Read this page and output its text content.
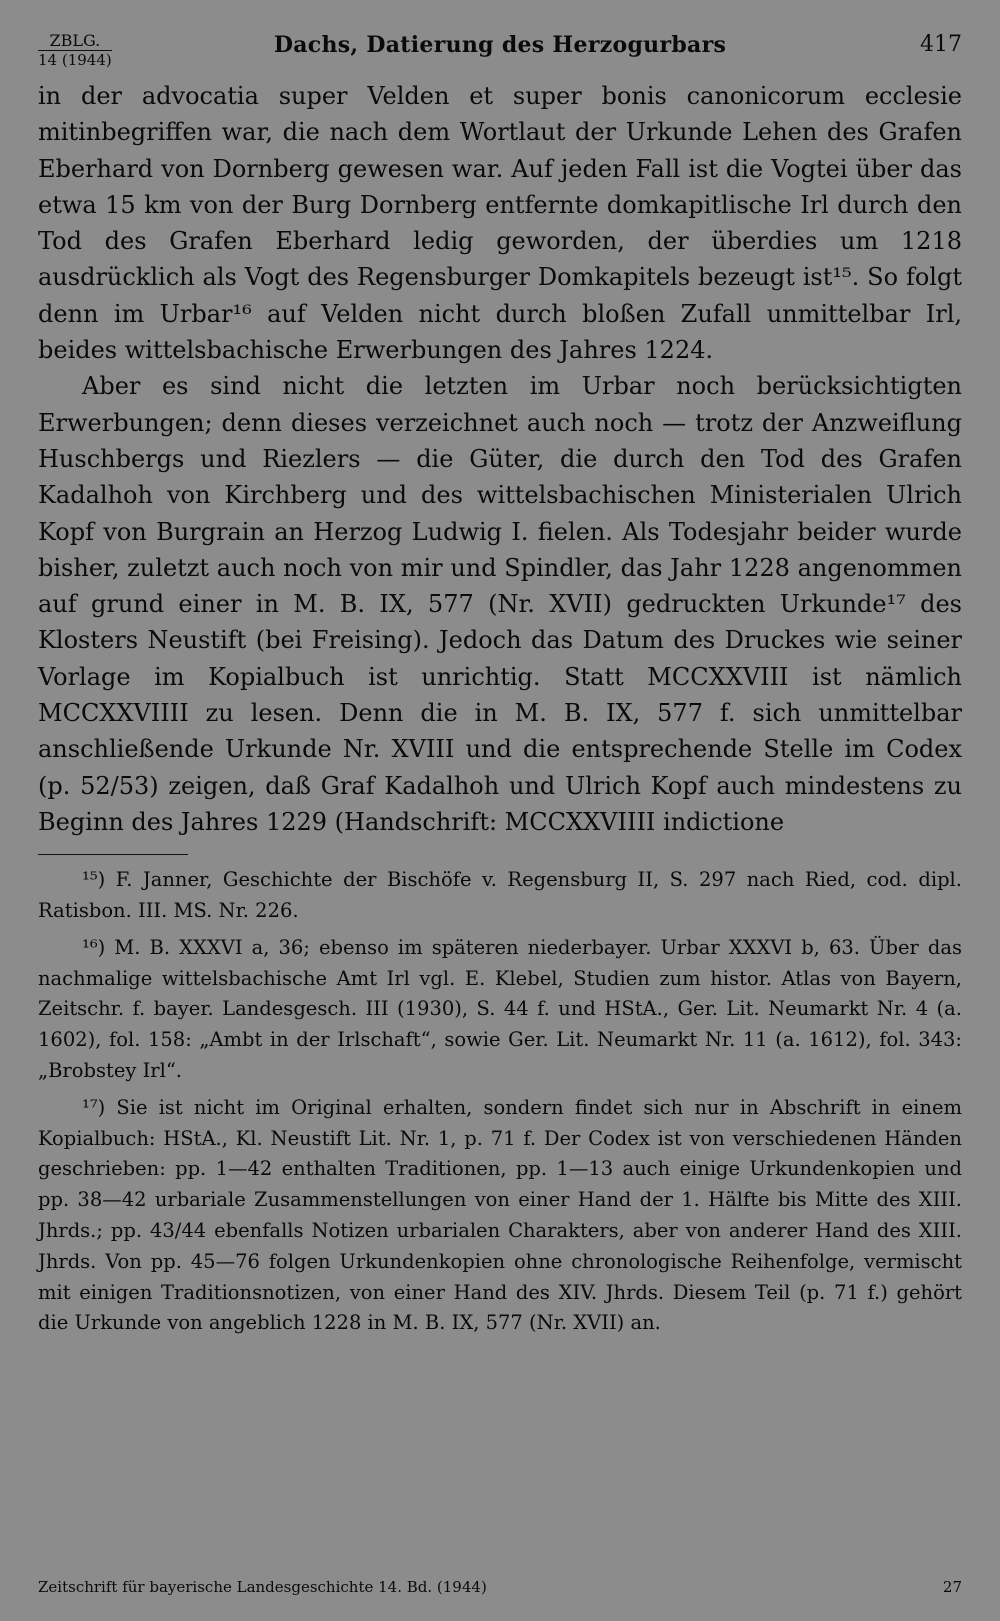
ZBLG.
14 (1944)
Dachs, Datierung des Herzogurbars	417

in der advocatia super Velden et super bonis canonicorum ecclesie mitinbegriffen war, die nach dem Wortlaut der Urkunde Lehen des Grafen Eberhard von Dornberg gewesen war. Auf jeden Fall ist die Vogtei über das etwa 15 km von der Burg Dornberg entfernte domkapitlische Irl durch den Tod des Grafen Eberhard ledig geworden, der überdies um 1218 ausdrücklich als Vogt des Regensburger Domkapitels bezeugt ist¹⁵. So folgt denn im Urbar¹⁶ auf Velden nicht durch bloßen Zufall unmittelbar Irl, beides wittelsbachische Erwerbungen des Jahres 1224.

Aber es sind nicht die letzten im Urbar noch berücksichtigten Erwerbungen; denn dieses verzeichnet auch noch — trotz der Anzweiflung Huschbergs und Riezlers — die Güter, die durch den Tod des Grafen Kadalhoh von Kirchberg und des wittelsbachischen Ministerialen Ulrich Kopf von Burgrain an Herzog Ludwig I. fielen. Als Todesjahr beider wurde bisher, zuletzt auch noch von mir und Spindler, das Jahr 1228 angenommen auf grund einer in M. B. IX, 577 (Nr. XVII) gedruckten Urkunde¹⁷ des Klosters Neustift (bei Freising). Jedoch das Datum des Druckes wie seiner Vorlage im Kopialbuch ist unrichtig. Statt MCCXXVIII ist nämlich MCCXXVIIII zu lesen. Denn die in M. B. IX, 577 f. sich unmittelbar anschließende Urkunde Nr. XVIII und die entsprechende Stelle im Codex (p. 52/53) zeigen, daß Graf Kadalhoh und Ulrich Kopf auch mindestens zu Beginn des Jahres 1229 (Handschrift: MCCXXVIIII indictione

¹⁵) F. Janner, Geschichte der Bischöfe v. Regensburg II, S. 297 nach Ried, cod. dipl. Ratisbon. III. MS. Nr. 226.

¹⁶) M. B. XXXVI a, 36; ebenso im späteren niederbayer. Urbar XXXVI b, 63. Über das nachmalige wittelsbachische Amt Irl vgl. E. Klebel, Studien zum histor. Atlas von Bayern, Zeitschr. f. bayer. Landesgesch. III (1930), S. 44 f. und HStA., Ger. Lit. Neumarkt Nr. 4 (a. 1602), fol. 158: „Ambt in der Irlschaft“, sowie Ger. Lit. Neumarkt Nr. 11 (a. 1612), fol. 343: „Brobstey Irl“.

¹⁷) Sie ist nicht im Original erhalten, sondern findet sich nur in Abschrift in einem Kopialbuch: HStA., Kl. Neustift Lit. Nr. 1, p. 71 f. Der Codex ist von verschiedenen Händen geschrieben: pp. 1—42 enthalten Traditionen, pp. 1—13 auch einige Urkundenkopien und pp. 38—42 urbariale Zusammenstellungen von einer Hand der 1. Hälfte bis Mitte des XIII. Jhrds.; pp. 43/44 ebenfalls Notizen urbarialen Charakters, aber von anderer Hand des XIII. Jhrds. Von pp. 45—76 folgen Urkundenkopien ohne chronologische Reihenfolge, vermischt mit einigen Traditionsnotizen, von einer Hand des XIV. Jhrds. Diesem Teil (p. 71 f.) gehört die Urkunde von angeblich 1228 in M. B. IX, 577 (Nr. XVII) an.

Zeitschrift für bayerische Landesgeschichte 14. Bd. (1944)	27
